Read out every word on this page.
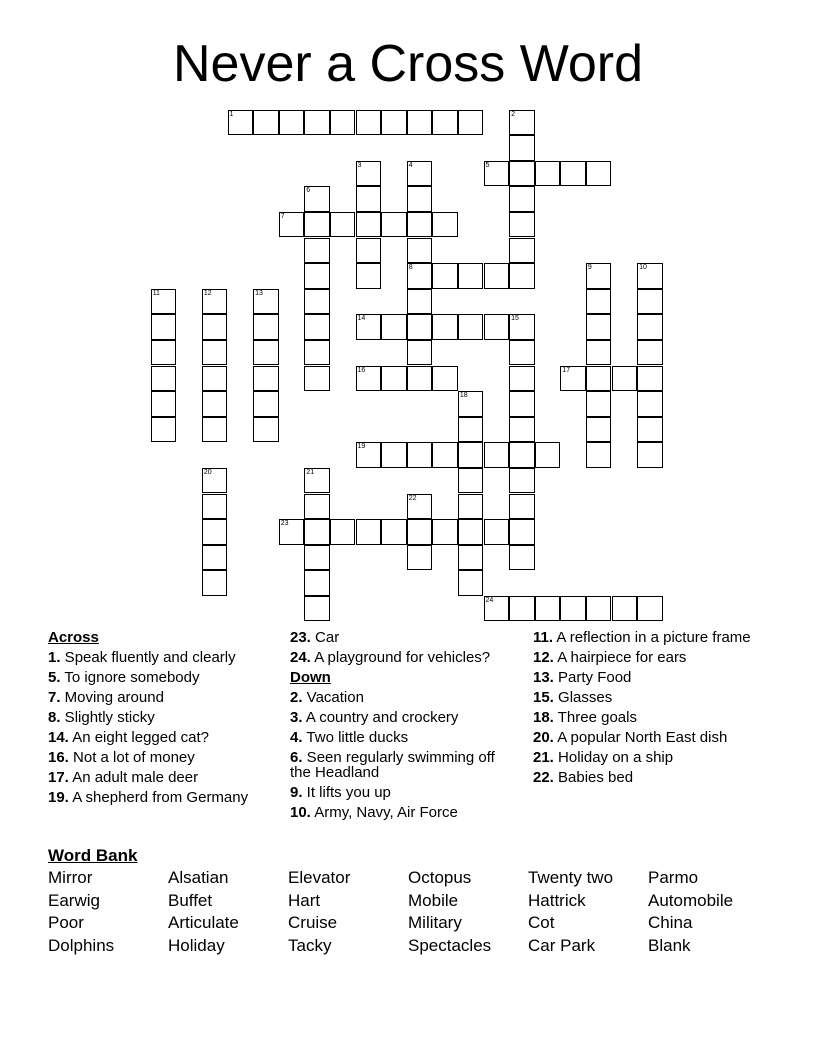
Never a Cross Word
1	2
5
3	4
8
6
7
9	10
11	12	13
14	15
16	17
18
19
20	21
22
23
24
Across
1. Speak fluently and clearly
5. To ignore somebody
7. Moving around
8. Slightly sticky
14. An eight legged cat?
16. Not a lot of money
17. An adult male deer
19. A shepherd from Germany
23. Car
24. A playground for vehicles?
Down
2. Vacation
3. A country and crockery
4. Two little ducks
6. Seen regularly swimming off the Headland
9. It lifts you up
10. Army, Navy, Air Force
11. A reflection in a picture frame
12. A hairpiece for ears
13. Party Food
15. Glasses
18. Three goals
20. A popular North East dish
21. Holiday on a ship
22. Babies bed
Word Bank
Mirror	Alsatian	Elevator	Octopus	Twenty two	Parmo
Earwig	Buffet	Hart	Mobile	Hattrick	Automobile
Poor	Articulate	Cruise	Military	Cot	China
Dolphins	Holiday	Tacky	Spectacles	Car Park	Blank
